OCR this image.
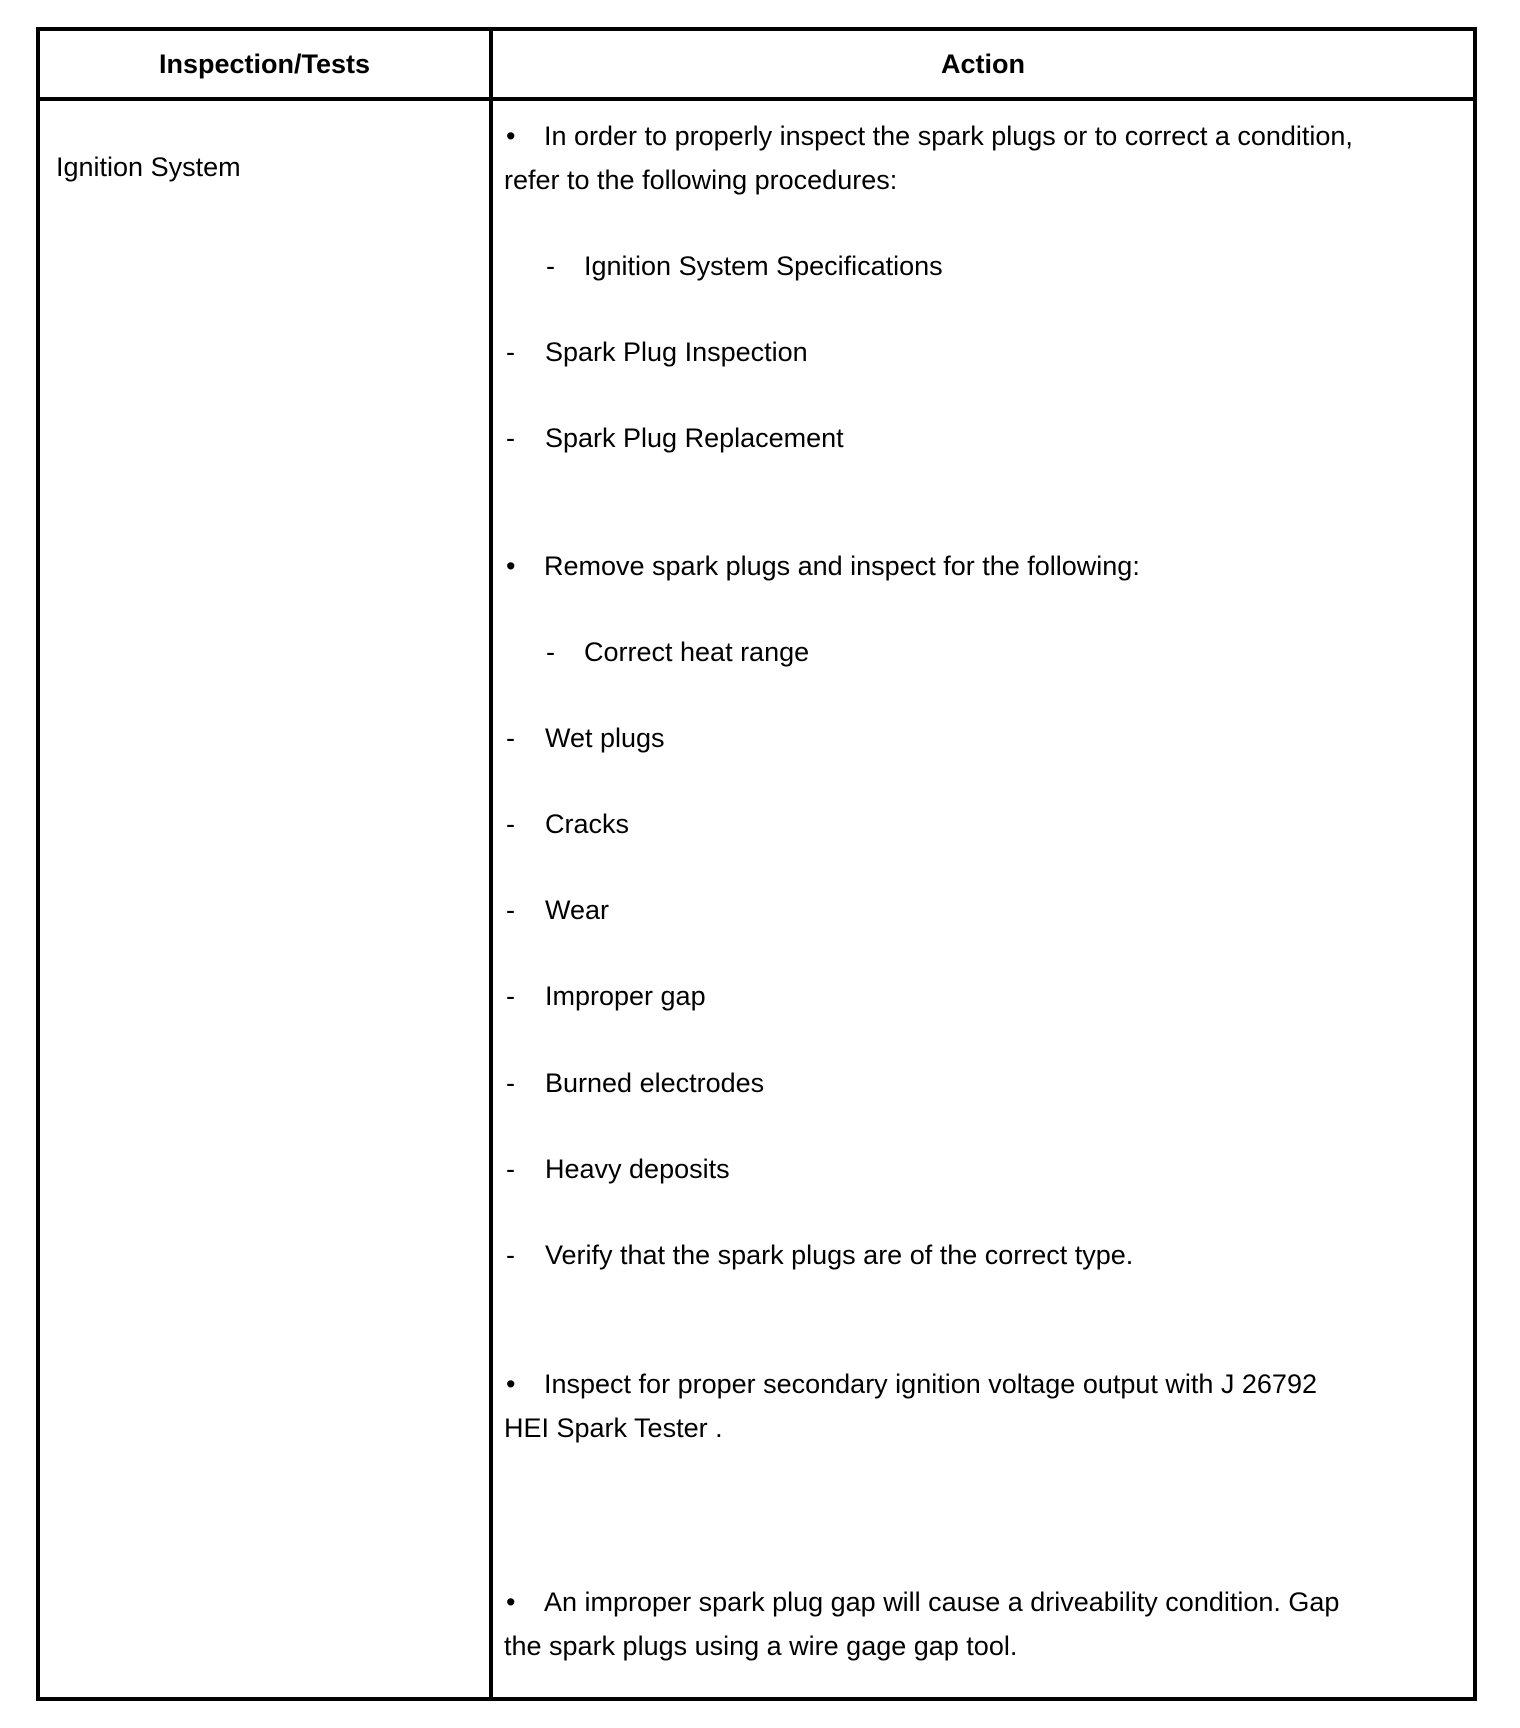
Inspection/Tests	Action
Ignition System
• In order to properly inspect the spark plugs or to correct a condition,
refer to the following procedures:
- Ignition System Specifications
- Spark Plug Inspection
- Spark Plug Replacement
• Remove spark plugs and inspect for the following:
- Correct heat range
- Wet plugs
- Cracks
- Wear
- Improper gap
- Burned electrodes
- Heavy deposits
- Verify that the spark plugs are of the correct type.
• Inspect for proper secondary ignition voltage output with J 26792
HEI Spark Tester .
• An improper spark plug gap will cause a driveability condition. Gap
the spark plugs using a wire gage gap tool.
